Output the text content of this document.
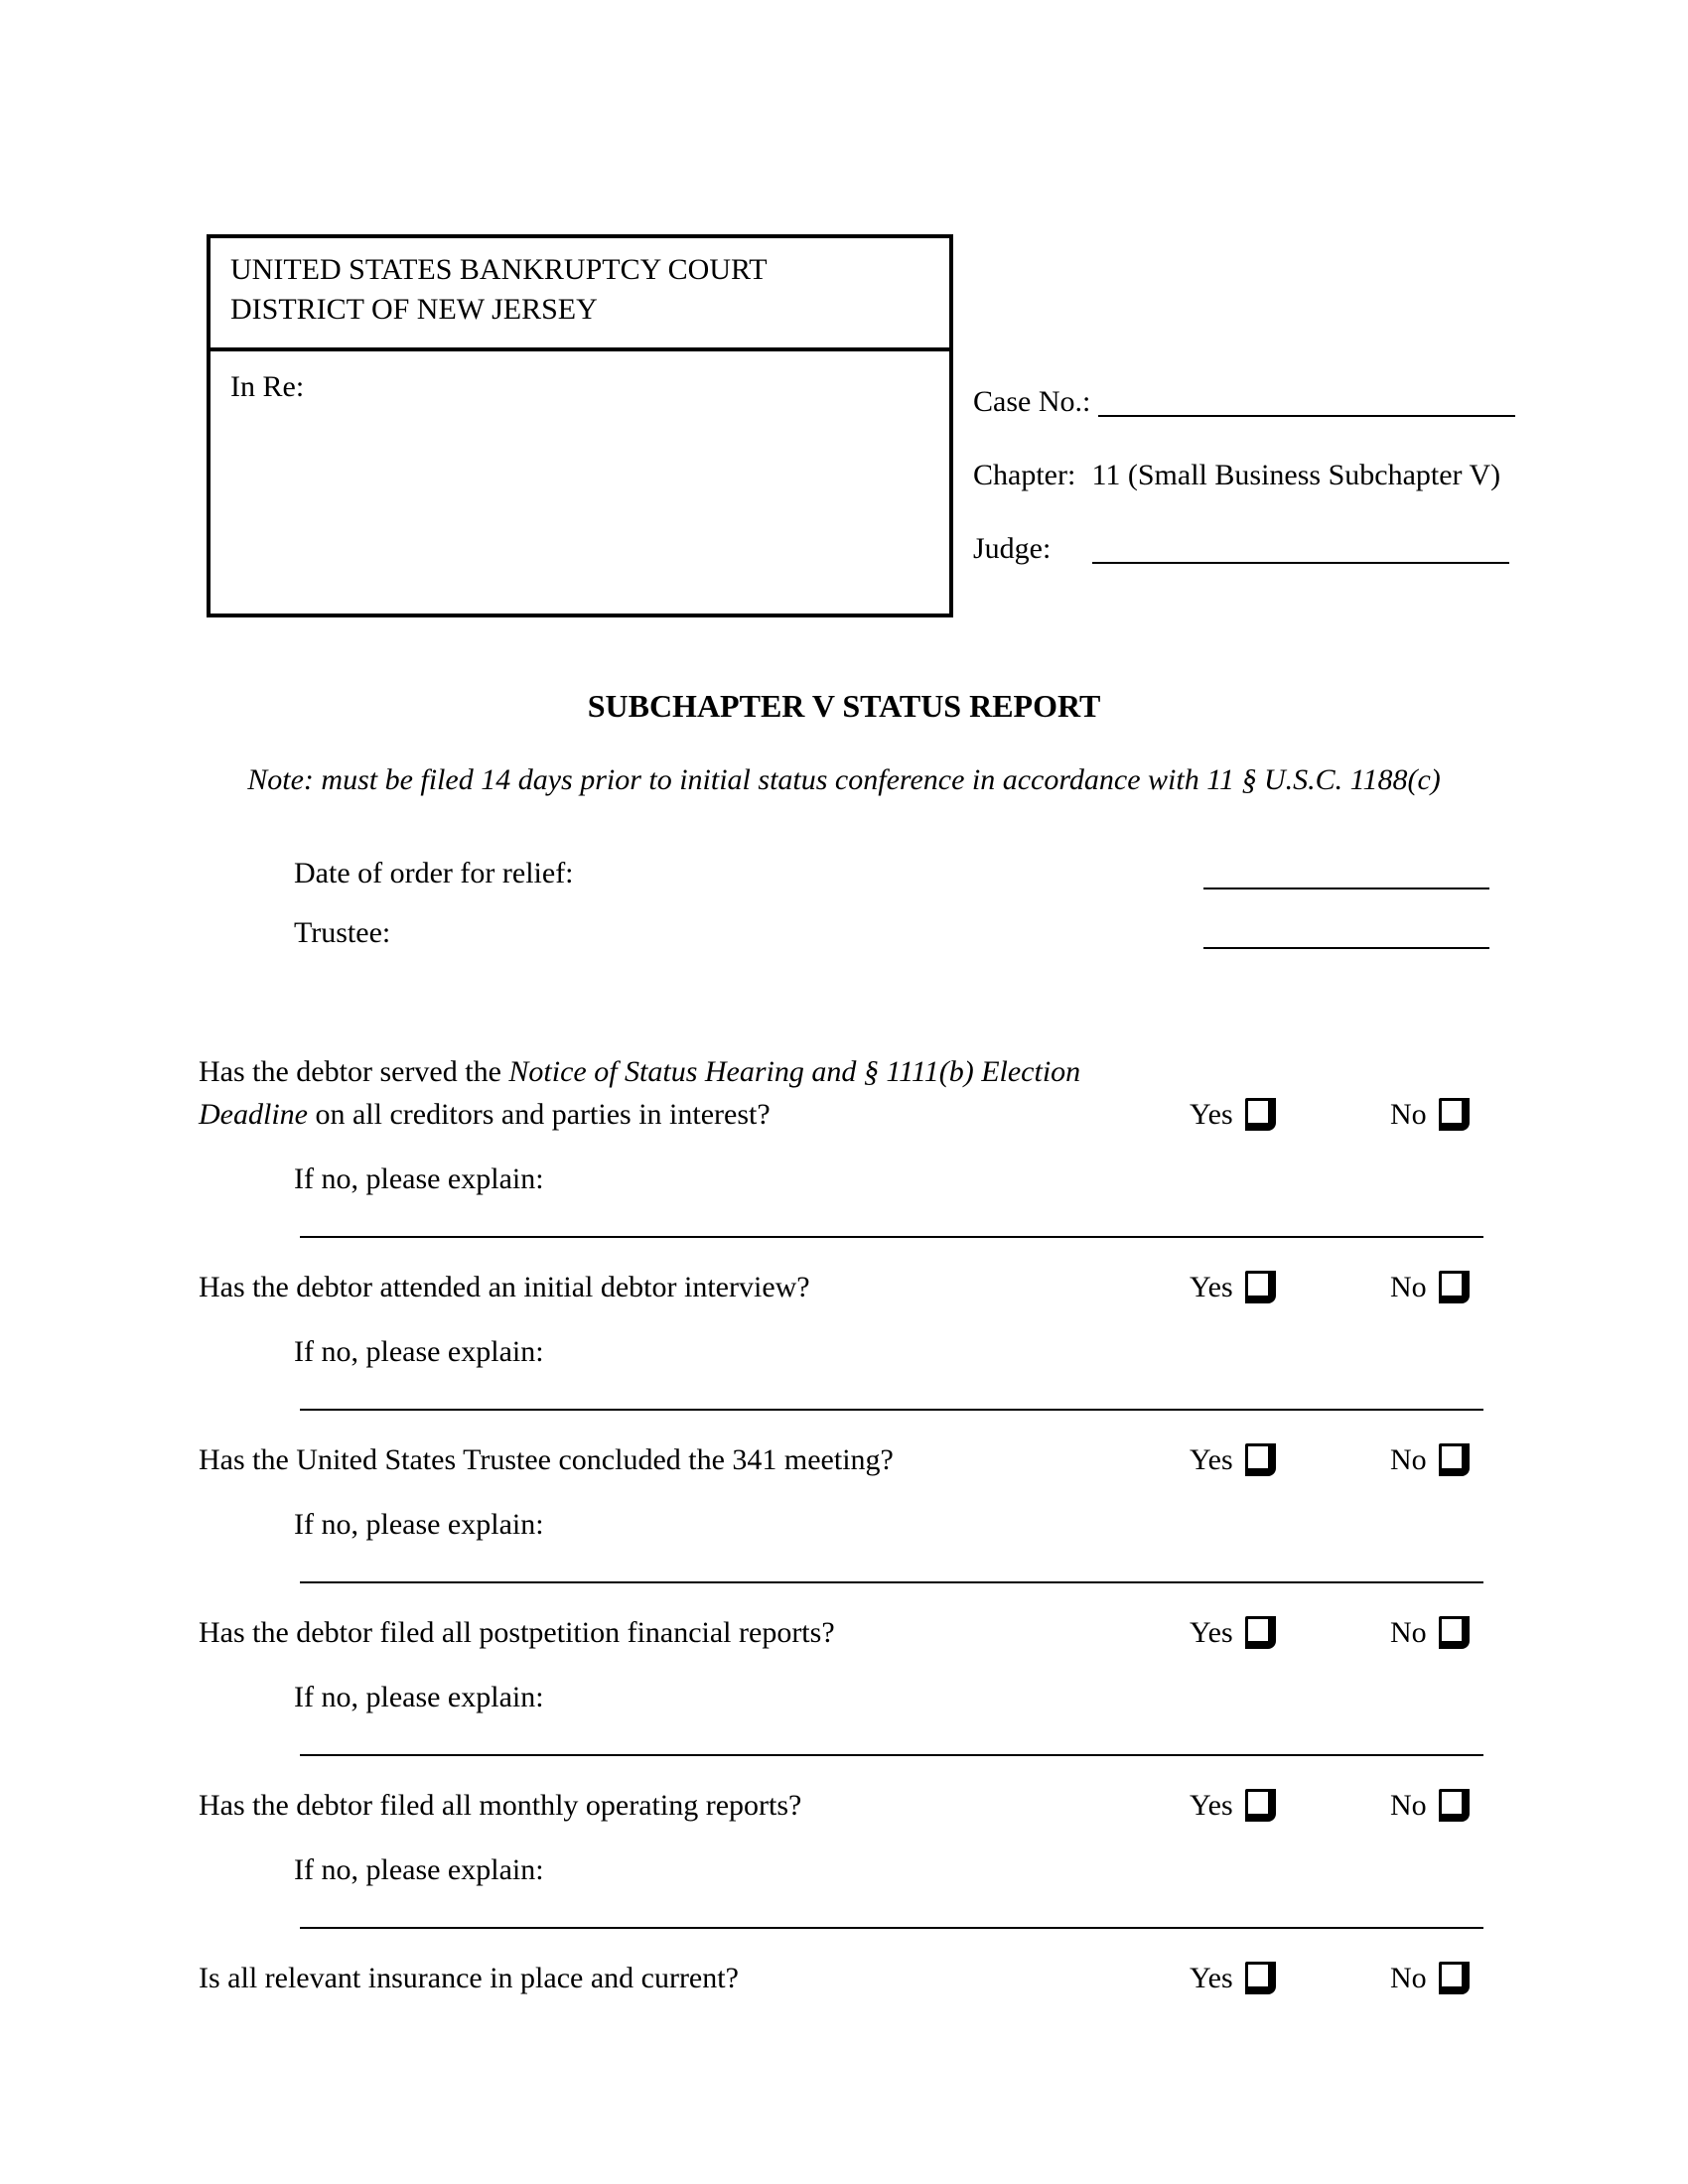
UNITED STATES BANKRUPTCY COURT
DISTRICT OF NEW JERSEY
In Re:	Case No.:
Chapter: 11 (Small Business Subchapter V)
Judge:
SUBCHAPTER V STATUS REPORT
Note: must be filed 14 days prior to initial status conference in accordance with 11 § U.S.C. 1188(c)
Date of order for relief:
Trustee:
Has the debtor served the Notice of Status Hearing and § 1111(b) Election Deadline on all creditors and parties in interest?	Yes	No
If no, please explain:
Has the debtor attended an initial debtor interview?	Yes	No
If no, please explain:
Has the United States Trustee concluded the 341 meeting?	Yes	No
If no, please explain:
Has the debtor filed all postpetition financial reports?	Yes	No
If no, please explain:
Has the debtor filed all monthly operating reports?	Yes	No
If no, please explain:
Is all relevant insurance in place and current?	Yes	No
